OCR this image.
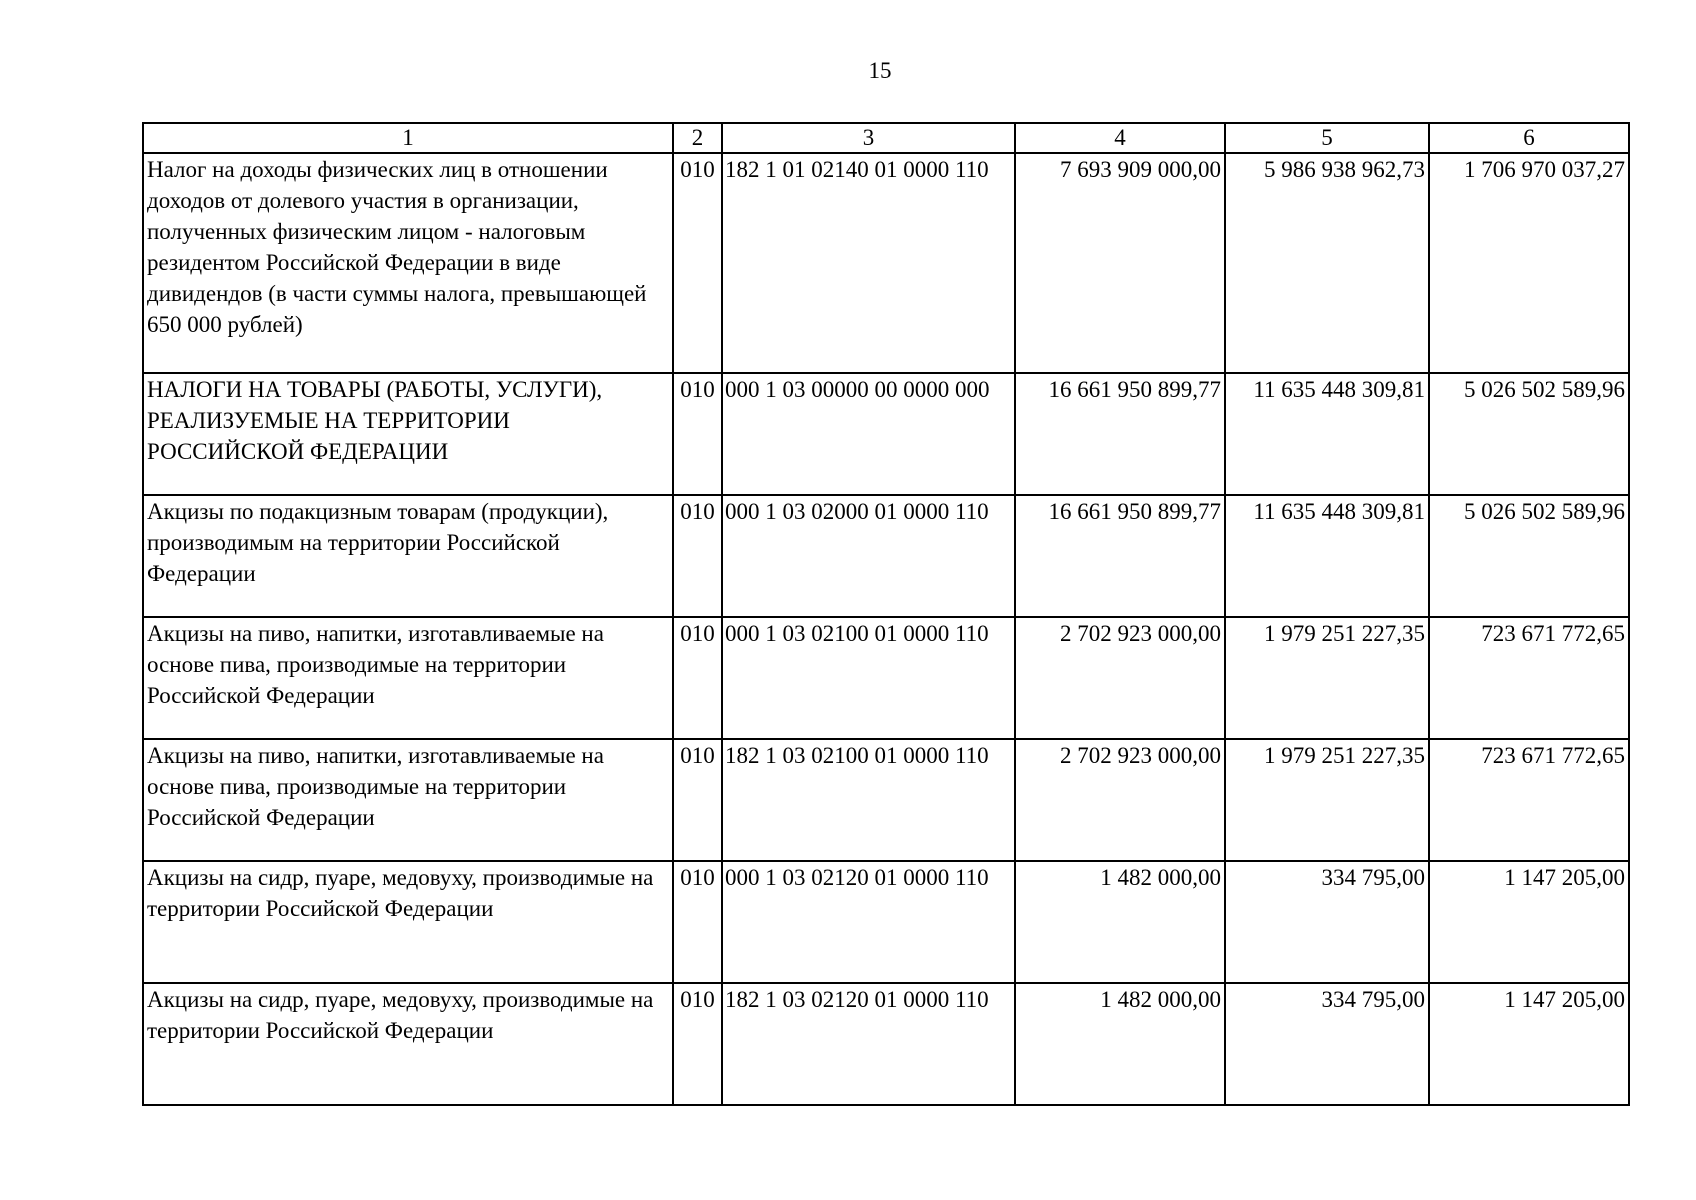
15
1	2	3	4	5	6
Налог на доходы физических лиц в отношении доходов от долевого участия в организации, полученных физическим лицом - налоговым резидентом Российской Федерации в виде дивидендов (в части суммы налога, превышающей 650 000 рублей)	010	182 1 01 02140 01 0000 110	7 693 909 000,00	5 986 938 962,73	1 706 970 037,27
НАЛОГИ НА ТОВАРЫ (РАБОТЫ, УСЛУГИ), РЕАЛИЗУЕМЫЕ НА ТЕРРИТОРИИ РОССИЙСКОЙ ФЕДЕРАЦИИ	010	000 1 03 00000 00 0000 000	16 661 950 899,77	11 635 448 309,81	5 026 502 589,96
Акцизы по подакцизным товарам (продукции), производимым на территории Российской Федерации	010	000 1 03 02000 01 0000 110	16 661 950 899,77	11 635 448 309,81	5 026 502 589,96
Акцизы на пиво, напитки, изготавливаемые на основе пива, производимые на территории Российской Федерации	010	000 1 03 02100 01 0000 110	2 702 923 000,00	1 979 251 227,35	723 671 772,65
Акцизы на пиво, напитки, изготавливаемые на основе пива, производимые на территории Российской Федерации	010	182 1 03 02100 01 0000 110	2 702 923 000,00	1 979 251 227,35	723 671 772,65
Акцизы на сидр, пуаре, медовуху, производимые на территории Российской Федерации	010	000 1 03 02120 01 0000 110	1 482 000,00	334 795,00	1 147 205,00
Акцизы на сидр, пуаре, медовуху, производимые на территории Российской Федерации	010	182 1 03 02120 01 0000 110	1 482 000,00	334 795,00	1 147 205,00
